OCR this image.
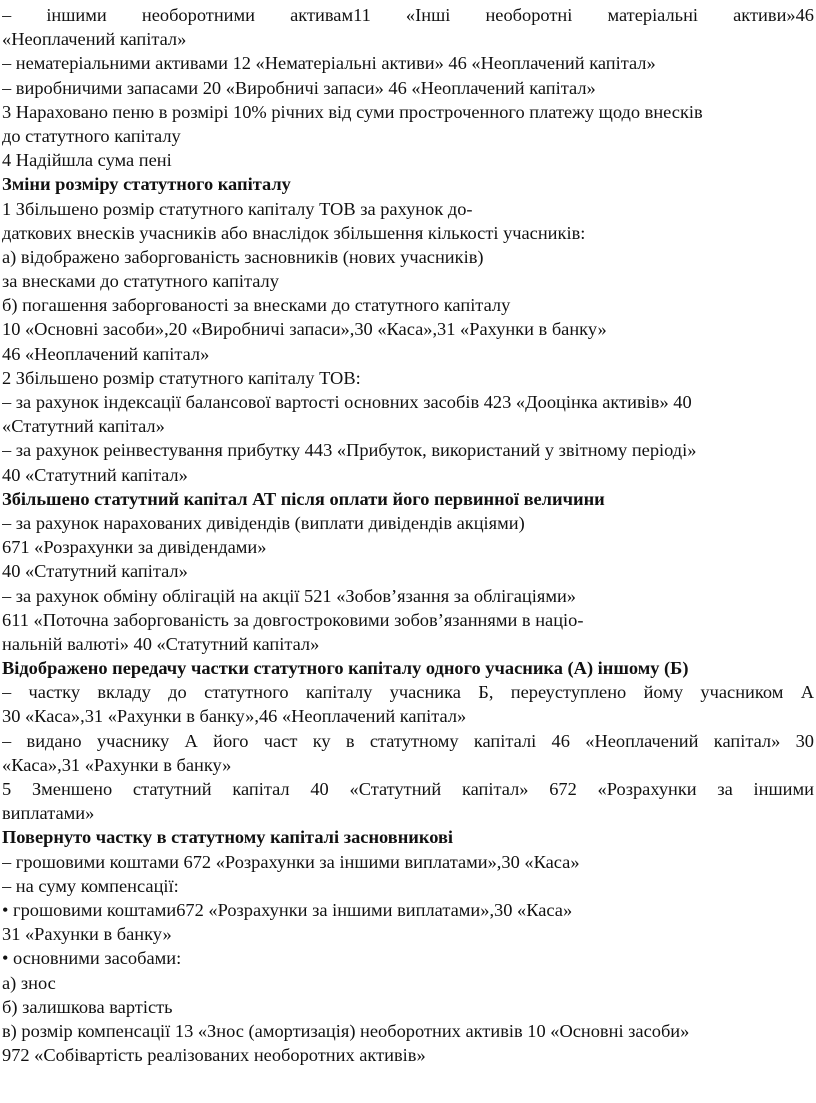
– іншими необоротними активам11 «Інші необоротні матеріальні активи»46
«Неоплачений капітал»
– нематеріальними активами 12 «Нематеріальні активи» 46 «Неоплачений капітал»
– виробничими запасами 20 «Виробничі запаси» 46 «Неоплачений капітал»
3 Нараховано пеню в розмірі 10% річних від суми простроченного платежу щодо внесків
до статутного капіталу
4 Надійшла сума пені
Зміни розміру статутного капіталу
1 Збільшено розмір статутного капіталу ТОВ за рахунок до-
даткових внесків учасників або внаслідок збільшення кількості учасників:
а) відображено заборгованість засновників (нових учасників)
за внесками до статутного капіталу
б) погашення заборгованості за внесками до статутного капіталу
10 «Основні засоби»,20 «Виробничі запаси»,30 «Каса»,31 «Рахунки в банку»
46 «Неоплачений капітал»
2 Збільшено розмір статутного капіталу ТОВ:
– за рахунок індексації балансової вартості основних засобів 423 «Дооцінка активів» 40
«Статутний капітал»
– за рахунок реінвестування прибутку 443 «Прибуток, використаний у звітному періоді»
40 «Статутний капітал»
Збільшено статутний капітал АТ після оплати його первинної величини
– за рахунок нарахованих дивідендів (виплати дивідендів акціями)
671 «Розрахунки за дивідендами»
40 «Статутний капітал»
– за рахунок обміну облігацій на акції 521 «Зобов’язання за облігаціями»
611 «Поточна заборгованість за довгостроковими зобов’язаннями в націо-
нальній валюті» 40 «Статутний капітал»
Відображено передачу частки статутного капіталу одного учасника (А) іншому (Б)
– частку вкладу до статутного капіталу учасника Б, переуступлено йому учасником А
30 «Каса»,31 «Рахунки в банку»,46 «Неоплачений капітал»
– видано учаснику А його част ку в статутному капіталі 46 «Неоплачений капітал» 30
«Каса»,31 «Рахунки в банку»
5 Зменшено статутний капітал 40 «Статутний капітал» 672 «Розрахунки за іншими
виплатами»
Повернуто частку в статутному капіталі засновникові
– грошовими коштами 672 «Розрахунки за іншими виплатами»,30 «Каса»
– на суму компенсації:
• грошовими коштами672 «Розрахунки за іншими виплатами»,30 «Каса»
31 «Рахунки в банку»
• основними засобами:
а) знос
б) залишкова вартість
в) розмір компенсації 13 «Знос (амортизація) необоротних активів 10 «Основні засоби»
972 «Собівартість реалізованих необоротних активів»
